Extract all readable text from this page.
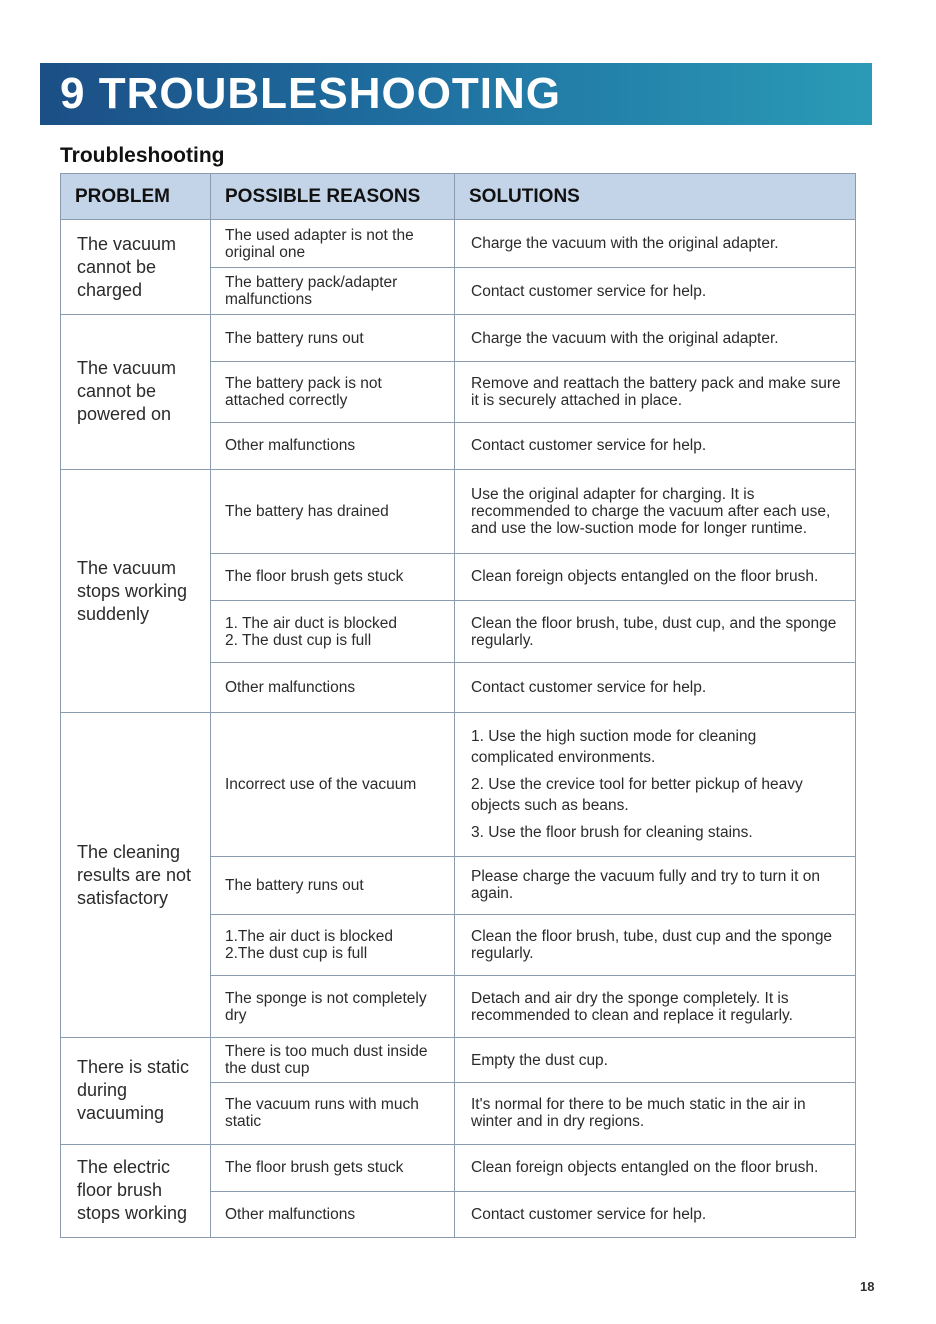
9 TROUBLESHOOTING
Troubleshooting
PROBLEM	POSSIBLE REASONS	SOLUTIONS
The vacuum cannot be charged	The used adapter is not the original one	Charge the vacuum with the original adapter.
	The battery pack/adapter malfunctions	Contact customer service for help.
The vacuum cannot be powered on	The battery runs out	Charge the vacuum with the original adapter.
	The battery pack is not attached correctly	Remove and reattach the battery pack and make sure it is securely attached in place.
	Other malfunctions	Contact customer service for help.
The vacuum stops working suddenly	The battery has drained	Use the original adapter for charging. It is recommended to charge the vacuum after each use, and use the low-suction mode for longer runtime.
	The floor brush gets stuck	Clean foreign objects entangled on the floor brush.

	1. The air duct is blocked
2. The dust cup is full	Clean the floor brush, tube, dust cup, and the sponge regularly.
	Other malfunctions	Contact customer service for help.
The cleaning results are not satisfactory	Incorrect use of the vacuum	1. Use the high suction mode for cleaning complicated environments.
2. Use the crevice tool for better pickup of heavy objects such as beans.
3. Use the floor brush for cleaning stains.

	The battery runs out	Please charge the vacuum fully and try to turn it on again.

	1.The air duct is blocked
2.The dust cup is full	Clean the floor brush, tube, dust cup and the sponge regularly.
	The sponge is not completely dry	Detach and air dry the sponge completely. It is recommended to clean and replace it regularly.
There is static during vacuuming	There is too much dust inside the dust cup	Empty the dust cup.
	The vacuum runs with much static	It's normal for there to be much static in the air in winter and in dry regions.
The electric floor brush stops working	The floor brush gets stuck	Clean foreign objects entangled on the floor brush.
	Other malfunctions	Contact customer service for help.
18
